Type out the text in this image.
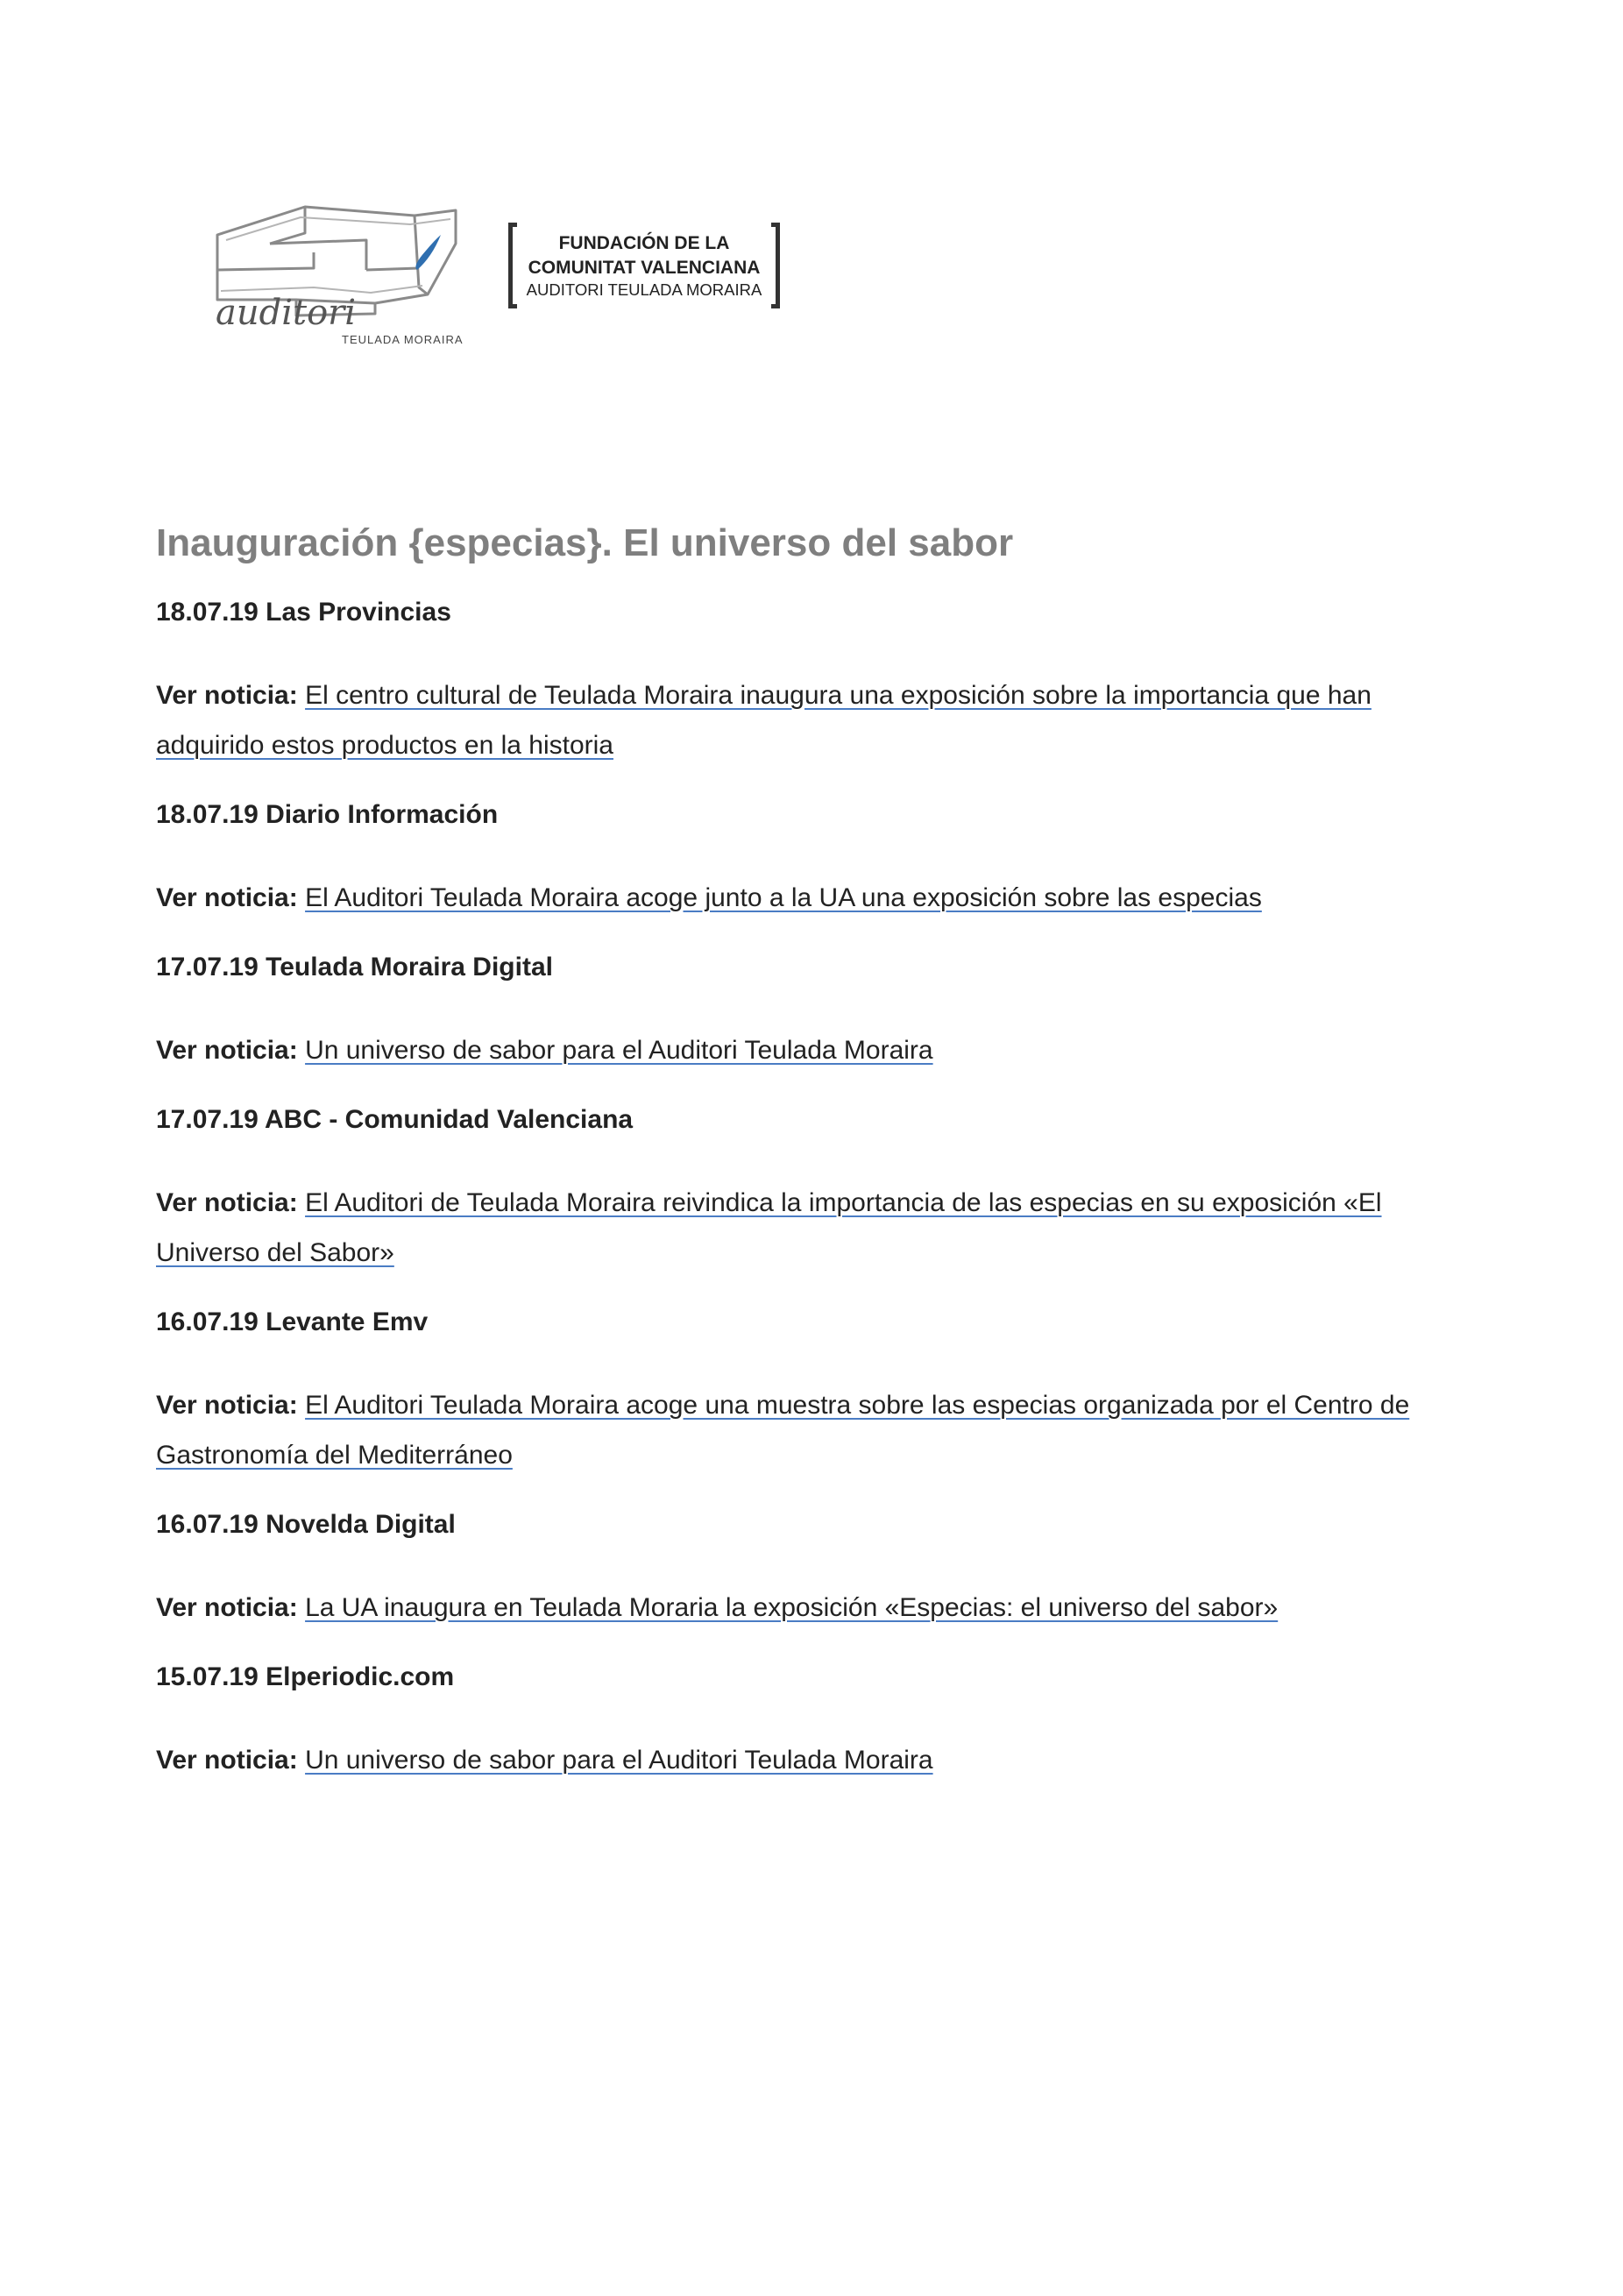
auditori
TEULADA MORAIRA
FUNDACIÓN DE LA
COMUNITAT VALENCIANA
AUDITORI TEULADA MORAIRA
Inauguración {especias}. El universo del sabor

18.07.19 Las Provincias

Ver noticia: El centro cultural de Teulada Moraira inaugura una exposición sobre la importancia que han adquirido estos productos en la historia

18.07.19 Diario Información

Ver noticia: El Auditori Teulada Moraira acoge junto a la UA una exposición sobre las especias

17.07.19 Teulada Moraira Digital

Ver noticia: Un universo de sabor para el Auditori Teulada Moraira

17.07.19 ABC - Comunidad Valenciana

Ver noticia: El Auditori de Teulada Moraira reivindica la importancia de las especias en su exposición «El Universo del Sabor»

16.07.19 Levante Emv

Ver noticia: El Auditori Teulada Moraira acoge una muestra sobre las especias organizada por el Centro de Gastronomía del Mediterráneo

16.07.19 Novelda Digital

Ver noticia: La UA inaugura en Teulada Moraria la exposición «Especias: el universo del sabor»

15.07.19 Elperiodic.com

Ver noticia: Un universo de sabor para el Auditori Teulada Moraira
